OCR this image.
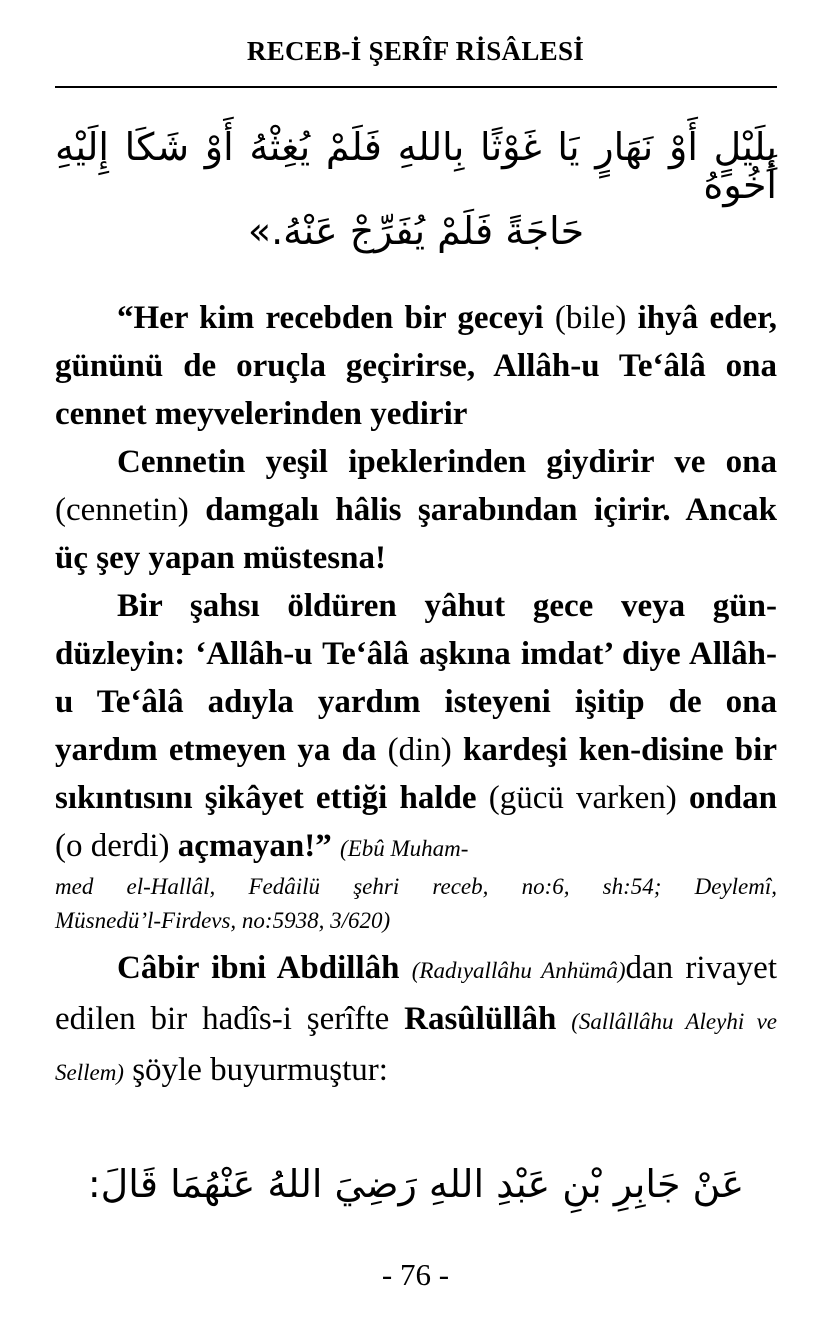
RECEB-İ ŞERÎF RİSÂLESİ
بِلَيْلٍ أَوْ نَهَارٍ يَا غَوْثًا بِاللهِ فَلَمْ يُغِثْهُ أَوْ شَكَا إِلَيْهِ أَخُوهُ
حَاجَةً فَلَمْ يُفَرِّجْ عَنْهُ.»

“Her kim recebden bir geceyi (bile) ihyâ eder, gününü de oruçla geçirirse, Allâh-u Te‘âlâ ona cennet meyvelerinden yedirir

Cennetin yeşil ipeklerinden giydirir ve ona (cennetin) damgalı hâlis şarabından içirir. Ancak üç şey yapan müstesna!

Bir şahsı öldüren yâhut gece veya gün-düzleyin: ‘Allâh-u Te‘âlâ aşkına imdat’ diye Allâh-u Te‘âlâ adıyla yardım isteyeni işitip de ona yardım etmeyen ya da (din) kardeşi ken-disine bir sıkıntısını şikâyet ettiği halde (gücü varken) ondan (o derdi) açmayan!” (Ebû Muham-

med el-Hallâl, Fedâilü şehri receb, no:6, sh:54; Deylemî,

Müsnedü’l-Firdevs, no:5938, 3/620)

Câbir ibni Abdillâh (Radıyallâhu Anhümâ)dan rivayet edilen bir hadîs-i şerîfte Rasûlüllâh (Sallâllâhu Aleyhi ve Sellem) şöyle buyurmuştur:

عَنْ جَابِرِ بْنِ عَبْدِ اللهِ رَضِيَ اللهُ عَنْهُمَا قَالَ:
- 76 -
